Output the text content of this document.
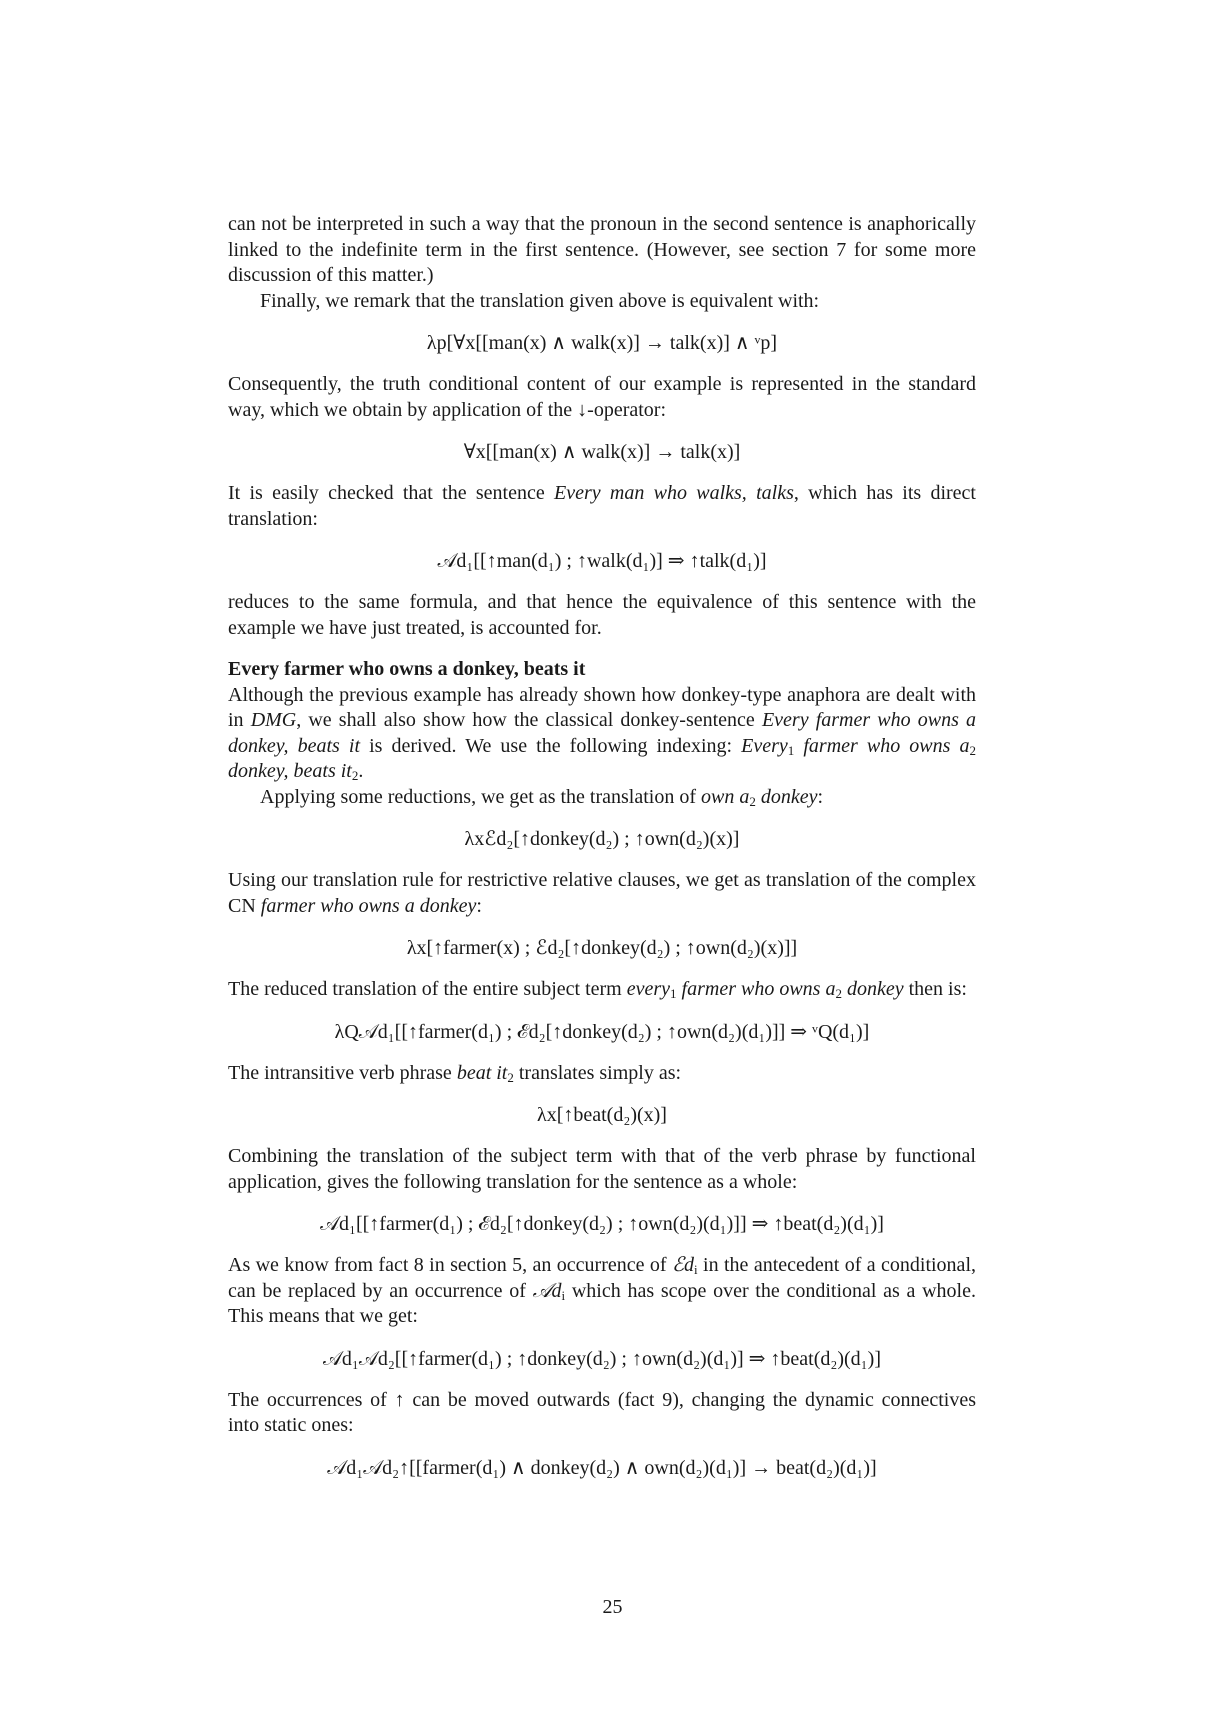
can not be interpreted in such a way that the pronoun in the second sentence is anaphorically linked to the indefinite term in the first sentence. (However, see section 7 for some more discussion of this matter.)

Finally, we remark that the translation given above is equivalent with:

λp[∀x[[man(x) ∧ walk(x)] → talk(x)] ∧ ᵛp]

Consequently, the truth conditional content of our example is represented in the standard way, which we obtain by application of the ↓-operator:

∀x[[man(x) ∧ walk(x)] → talk(x)]

It is easily checked that the sentence Every man who walks, talks, which has its direct translation:

𝒜d₁[[↑man(d₁) ; ↑walk(d₁)] ⇒ ↑talk(d₁)]

reduces to the same formula, and that hence the equivalence of this sentence with the example we have just treated, is accounted for.

Every farmer who owns a donkey, beats it

Although the previous example has already shown how donkey-type anaphora are dealt with in DMG, we shall also show how the classical donkey-sentence Every farmer who owns a donkey, beats it is derived. We use the following indexing: Every$_1$ farmer who owns $a_2$ donkey, beats $it_2$.

Applying some reductions, we get as the translation of own $a_2$ donkey:

λxℰd₂[↑donkey(d₂) ; ↑own(d₂)(x)]

Using our translation rule for restrictive relative clauses, we get as translation of the complex CN farmer who owns a donkey:

λx[↑farmer(x) ; ℰd₂[↑donkey(d₂) ; ↑own(d₂)(x)]]

The reduced translation of the entire subject term every$_1$ farmer who owns $a_2$ donkey then is:

λQ𝒜d₁[[↑farmer(d₁) ; ℰd₂[↑donkey(d₂) ; ↑own(d₂)(d₁)]] ⇒ ᵛQ(d₁)]

The intransitive verb phrase beat $it_2$ translates simply as:

λx[↑beat(d₂)(x)]

Combining the translation of the subject term with that of the verb phrase by functional application, gives the following translation for the sentence as a whole:

𝒜d₁[[↑farmer(d₁) ; ℰd₂[↑donkey(d₂) ; ↑own(d₂)(d₁)]] ⇒ ↑beat(d₂)(d₁)]

As we know from fact 8 in section 5, an occurrence of ℰd$_i$ in the antecedent of a conditional, can be replaced by an occurrence of 𝒜d$_i$ which has scope over the conditional as a whole. This means that we get:

𝒜d₁𝒜d₂[[↑farmer(d₁) ; ↑donkey(d₂) ; ↑own(d₂)(d₁)] ⇒ ↑beat(d₂)(d₁)]

The occurrences of ↑ can be moved outwards (fact 9), changing the dynamic connectives into static ones:

𝒜d₁𝒜d₂↑[[farmer(d₁) ∧ donkey(d₂) ∧ own(d₂)(d₁)] → beat(d₂)(d₁)]
25
